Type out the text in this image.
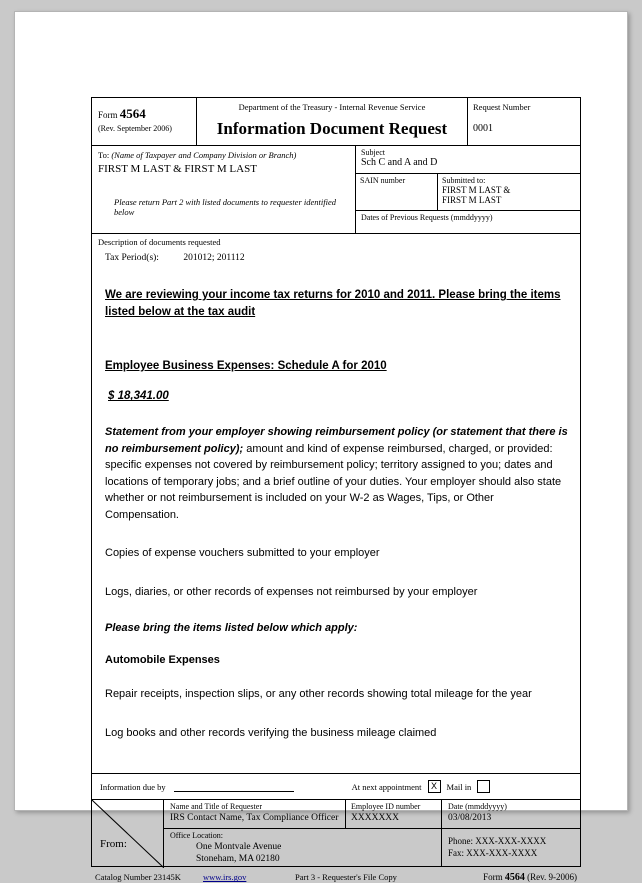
Form 4564
(Rev. September 2006)
Department of the Treasury - Internal Revenue Service
Information Document Request
Request Number
0001
To: (Name of Taxpayer and Company Division or Branch)
FIRST M LAST & FIRST M LAST
Please return Part 2 with listed documents to requester identified below
Subject
Sch C and A and D
SAIN number	Submitted to:
FIRST M LAST &
FIRST M LAST
Dates of Previous Requests (mmddyyyy)
Description of documents requested
Tax Period(s):	201012; 201112

We are reviewing your income tax returns for 2010 and 2011. Please bring the items listed below at the tax audit

Employee Business Expenses: Schedule A for 2010

$ 18,341.00

Statement from your employer showing reimbursement policy (or statement that there is no reimbursement policy); amount and kind of expense reimbursed, charged, or provided: specific expenses not covered by reimbursement policy; territory assigned to you; dates and locations of temporary jobs; and a brief outline of your duties. Your employer should also state whether or not reimbursement is included on your W-2 as Wages, Tips, or Other Compensation.

Copies of expense vouchers submitted to your employer

Logs, diaries, or other records of expenses not reimbursed by your employer

Please bring the items listed below which apply:

Automobile Expenses

Repair receipts, inspection slips, or any other records showing total mileage for the year

Log books and other records verifying the business mileage claimed

Information due by	At next appointment	X	Mail in
From:
Name and Title of Requester
IRS Contact Name, Tax Compliance Officer
Employee ID number
XXXXXXX
Date (mmddyyyy)
03/08/2013
Office Location:
One Montvale Avenue
Stoneham, MA 02180
Phone: XXX-XXX-XXXX
Fax: XXX-XXX-XXXX
Catalog Number 23145K	www.irs.gov	Part 3 - Requester's File Copy	Form 4564 (Rev. 9-2006)
